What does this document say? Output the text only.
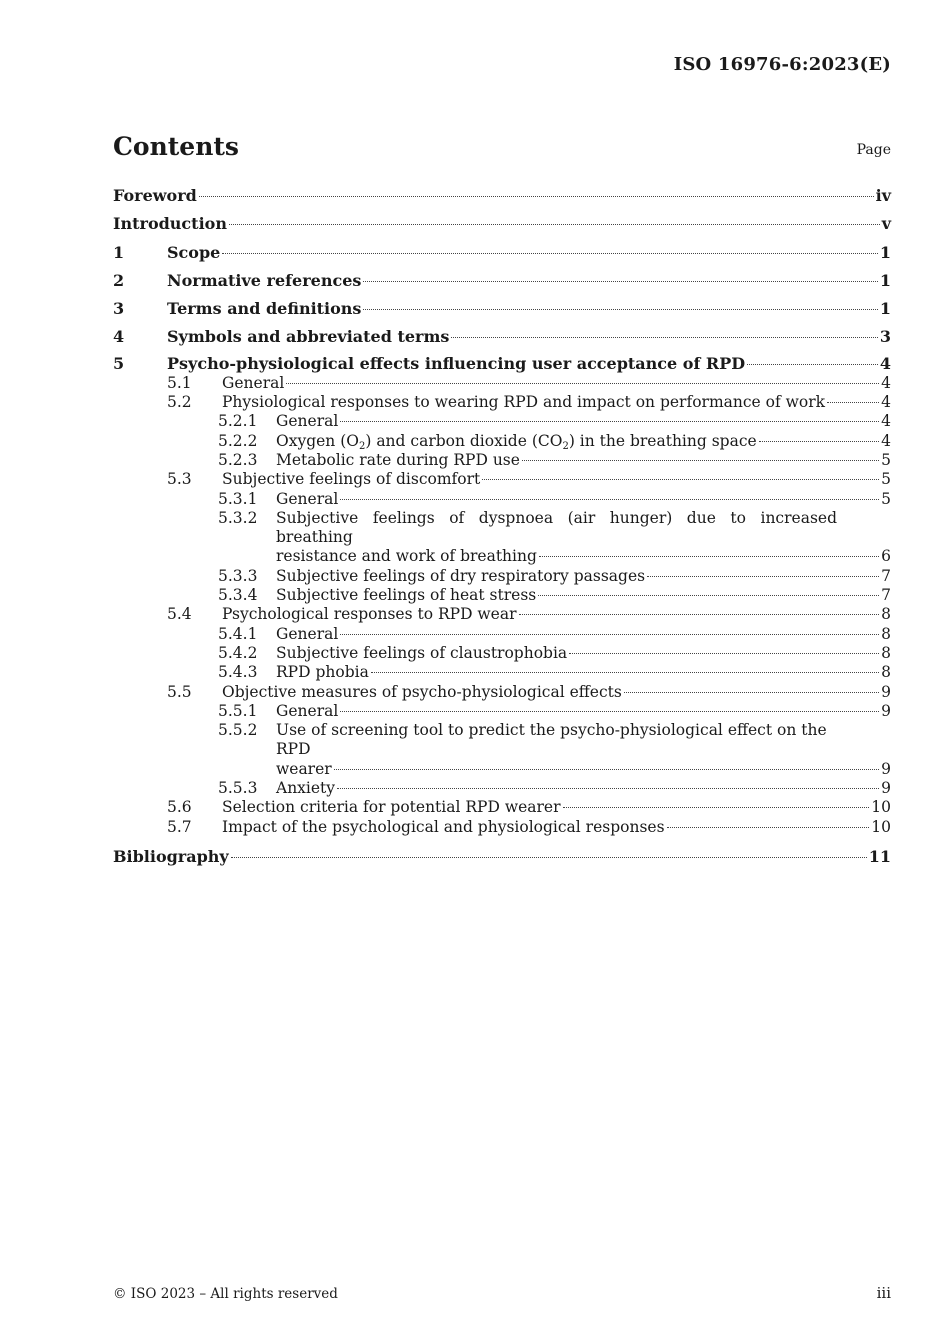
ISO 16976-6:2023(E)
Contents	Page
Foreword	iv
Introduction	v
1	Scope	1
2	Normative references	1
3	Terms and definitions	1
4	Symbols and abbreviated terms	3
5	Psycho-physiological effects influencing user acceptance of RPD	4
5.1	General	4
5.2	Physiological responses to wearing RPD and impact on performance of work	4
5.2.1	General	4
5.2.2	Oxygen $(O_2)$ and carbon dioxide $(CO_2)$ in the breathing space	4
5.2.3	Metabolic rate during RPD use	5
5.3	Subjective feelings of discomfort	5
5.3.1	General	5
5.3.2	Subjective feelings of dyspnoea (air hunger) due to increased breathing
resistance and work of breathing	6
5.3.3	Subjective feelings of dry respiratory passages	7
5.3.4	Subjective feelings of heat stress	7
5.4	Psychological responses to RPD wear	8
5.4.1	General	8
5.4.2	Subjective feelings of claustrophobia	8
5.4.3	RPD phobia	8
5.5	Objective measures of psycho-physiological effects	9
5.5.1	General	9
5.5.2	Use of screening tool to predict the psycho-physiological effect on the RPD
wearer	9
5.5.3	Anxiety	9
5.6	Selection criteria for potential RPD wearer	10
5.7	Impact of the psychological and physiological responses	10
Bibliography	11
© ISO 2023 – All rights reserved	iii
